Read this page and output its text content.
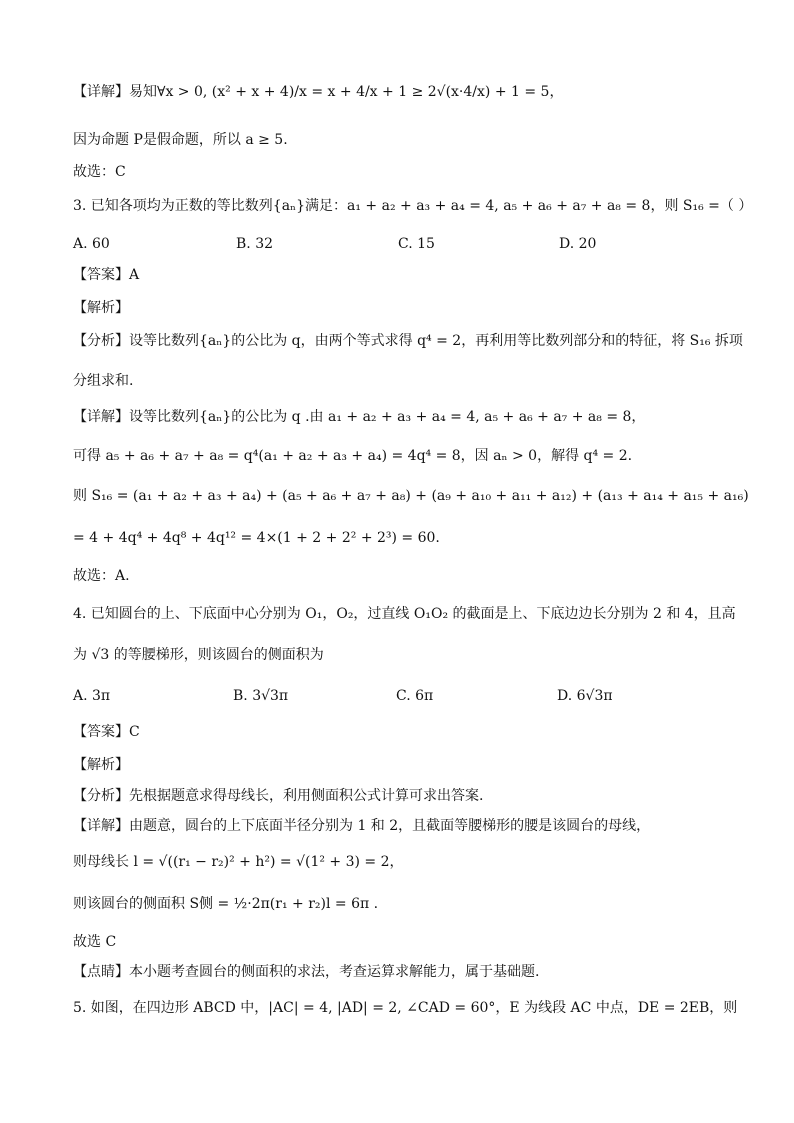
【详解】易知∀x > 0, (x² + x + 4)/x = x + 4/x + 1 ≥ 2√(x·4/x) + 1 = 5，
因为命题 P是假命题，所以 a ≥ 5.
故选：C
3. 已知各项均为正数的等比数列{aₙ}满足：a₁ + a₂ + a₃ + a₄ = 4, a₅ + a₆ + a₇ + a₈ = 8，则 S₁₆ =（ ）
A. 60	B. 32	C. 15	D. 20
【答案】A
【解析】
【分析】设等比数列{aₙ}的公比为 q，由两个等式求得 q⁴ = 2，再利用等比数列部分和的特征，将 S₁₆ 拆项
分组求和.
【详解】设等比数列{aₙ}的公比为 q .由 a₁ + a₂ + a₃ + a₄ = 4, a₅ + a₆ + a₇ + a₈ = 8，
可得 a₅ + a₆ + a₇ + a₈ = q⁴(a₁ + a₂ + a₃ + a₄) = 4q⁴ = 8，因 aₙ > 0，解得 q⁴ = 2.
则 S₁₆ = (a₁ + a₂ + a₃ + a₄) + (a₅ + a₆ + a₇ + a₈) + (a₉ + a₁₀ + a₁₁ + a₁₂) + (a₁₃ + a₁₄ + a₁₅ + a₁₆)
= 4 + 4q⁴ + 4q⁸ + 4q¹² = 4×(1 + 2 + 2² + 2³) = 60.
故选：A.
4. 已知圆台的上、下底面中心分别为 O₁，O₂，过直线 O₁O₂ 的截面是上、下底边边长分别为 2 和 4，且高
为 √3 的等腰梯形，则该圆台的侧面积为
A. 3π	B. 3√3π	C. 6π	D. 6√3π
【答案】C
【解析】
【分析】先根据题意求得母线长，利用侧面积公式计算可求出答案.
【详解】由题意，圆台的上下底面半径分别为 1 和 2，且截面等腰梯形的腰是该圆台的母线，
则母线长 l = √((r₁ − r₂)² + h²) = √(1² + 3) = 2，
则该圆台的侧面积 S侧 = ½·2π(r₁ + r₂)l = 6π .
故选 C
【点睛】本小题考查圆台的侧面积的求法，考查运算求解能力，属于基础题.
5. 如图，在四边形 ABCD 中，|AC| = 4, |AD| = 2, ∠CAD = 60°，E 为线段 AC 中点，DE = 2EB，则
